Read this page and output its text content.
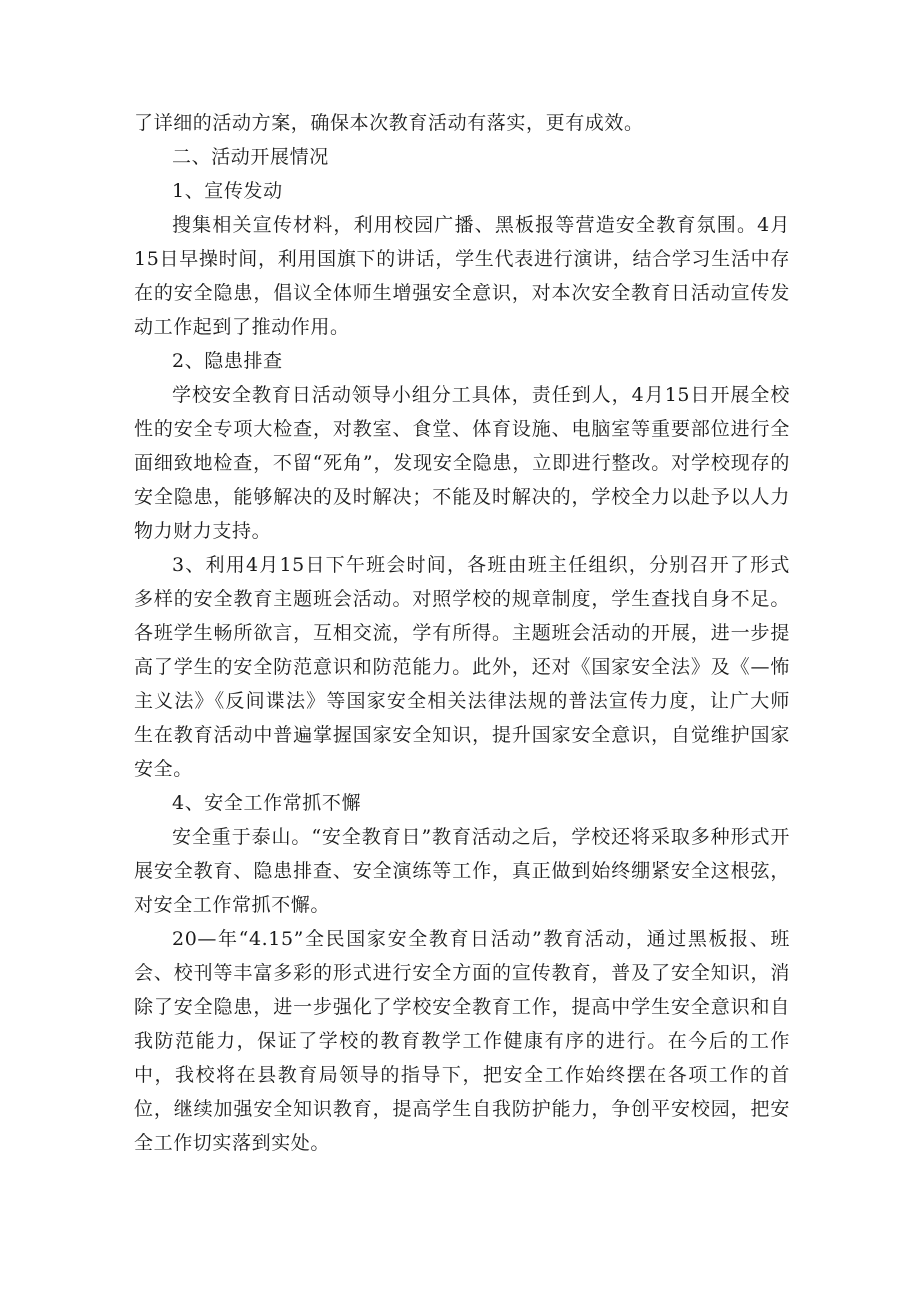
了详细的活动方案，确保本次教育活动有落实，更有成效。

二、活动开展情况

1、宣传发动

搜集相关宣传材料，利用校园广播、黑板报等营造安全教育氛围。4月15日早操时间，利用国旗下的讲话，学生代表进行演讲，结合学习生活中存在的安全隐患，倡议全体师生增强安全意识，对本次安全教育日活动宣传发动工作起到了推动作用。

2、隐患排查

学校安全教育日活动领导小组分工具体，责任到人，4月15日开展全校性的安全专项大检查，对教室、食堂、体育设施、电脑室等重要部位进行全面细致地检查，不留“死角”，发现安全隐患，立即进行整改。对学校现存的安全隐患，能够解决的及时解决；不能及时解决的，学校全力以赴予以人力物力财力支持。

3、利用4月15日下午班会时间，各班由班主任组织，分别召开了形式多样的安全教育主题班会活动。对照学校的规章制度，学生查找自身不足。各班学生畅所欲言，互相交流，学有所得。主题班会活动的开展，进一步提高了学生的安全防范意识和防范能力。此外，还对《国家安全法》及《—怖主义法》《反间谍法》等国家安全相关法律法规的普法宣传力度，让广大师生在教育活动中普遍掌握国家安全知识，提升国家安全意识，自觉维护国家安全。

4、安全工作常抓不懈

安全重于泰山。“安全教育日”教育活动之后，学校还将采取多种形式开展安全教育、隐患排查、安全演练等工作，真正做到始终绷紧安全这根弦，对安全工作常抓不懈。

20—年“4.15”全民国家安全教育日活动”教育活动，通过黑板报、班会、校刊等丰富多彩的形式进行安全方面的宣传教育，普及了安全知识，消除了安全隐患，进一步强化了学校安全教育工作，提高中学生安全意识和自我防范能力，保证了学校的教育教学工作健康有序的进行。在今后的工作中，我校将在县教育局领导的指导下，把安全工作始终摆在各项工作的首位，继续加强安全知识教育，提高学生自我防护能力，争创平安校园，把安全工作切实落到实处。
